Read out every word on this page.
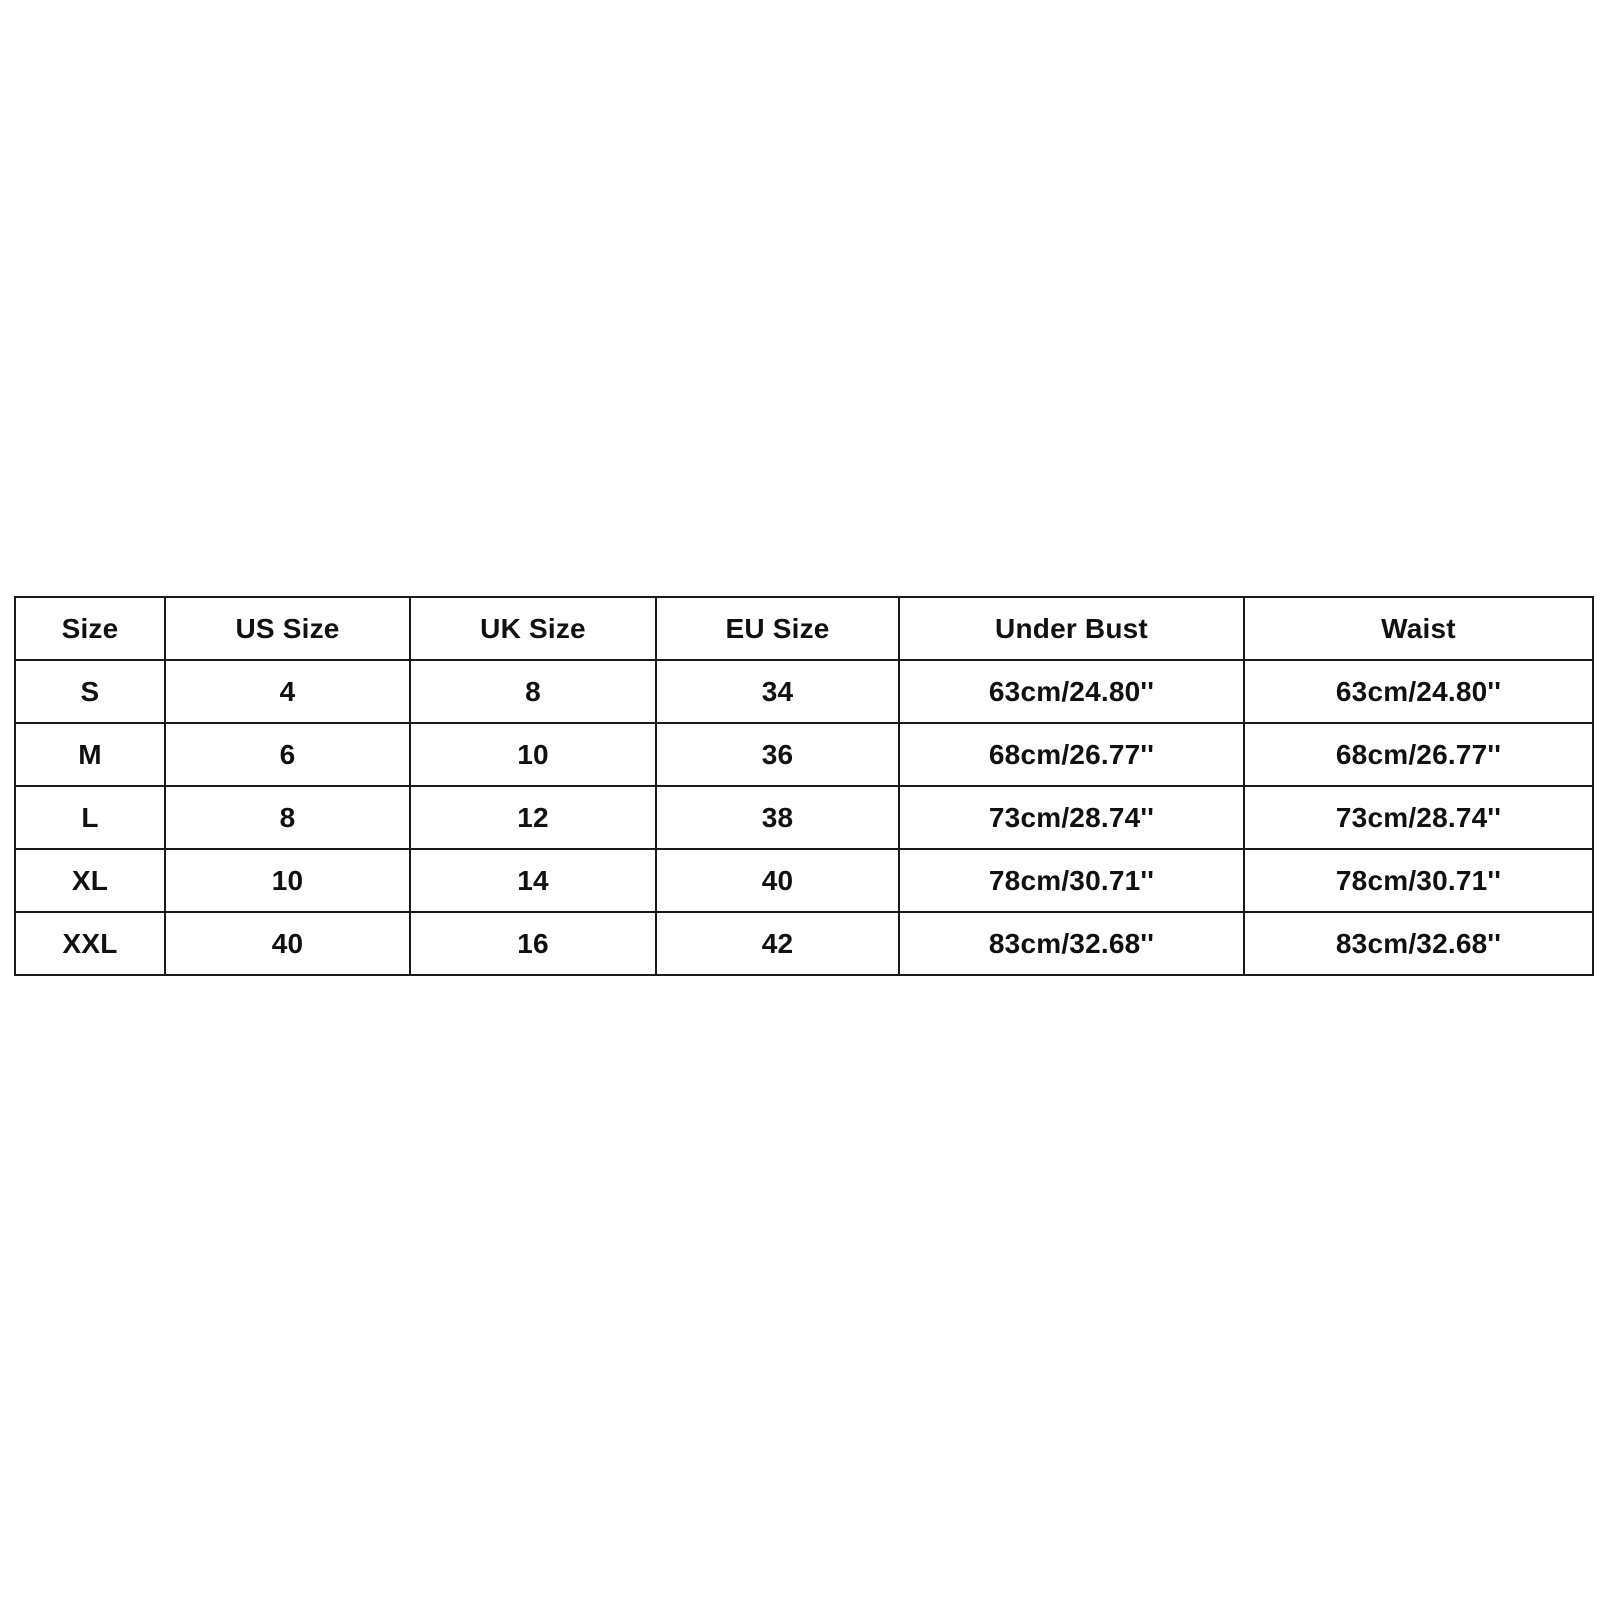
Size	US Size	UK Size	EU Size	Under Bust	Waist
S	4	8	34	63cm/24.80''	63cm/24.80''
M	6	10	36	68cm/26.77''	68cm/26.77''
L	8	12	38	73cm/28.74''	73cm/28.74''
XL	10	14	40	78cm/30.71''	78cm/30.71''
XXL	40	16	42	83cm/32.68''	83cm/32.68''
